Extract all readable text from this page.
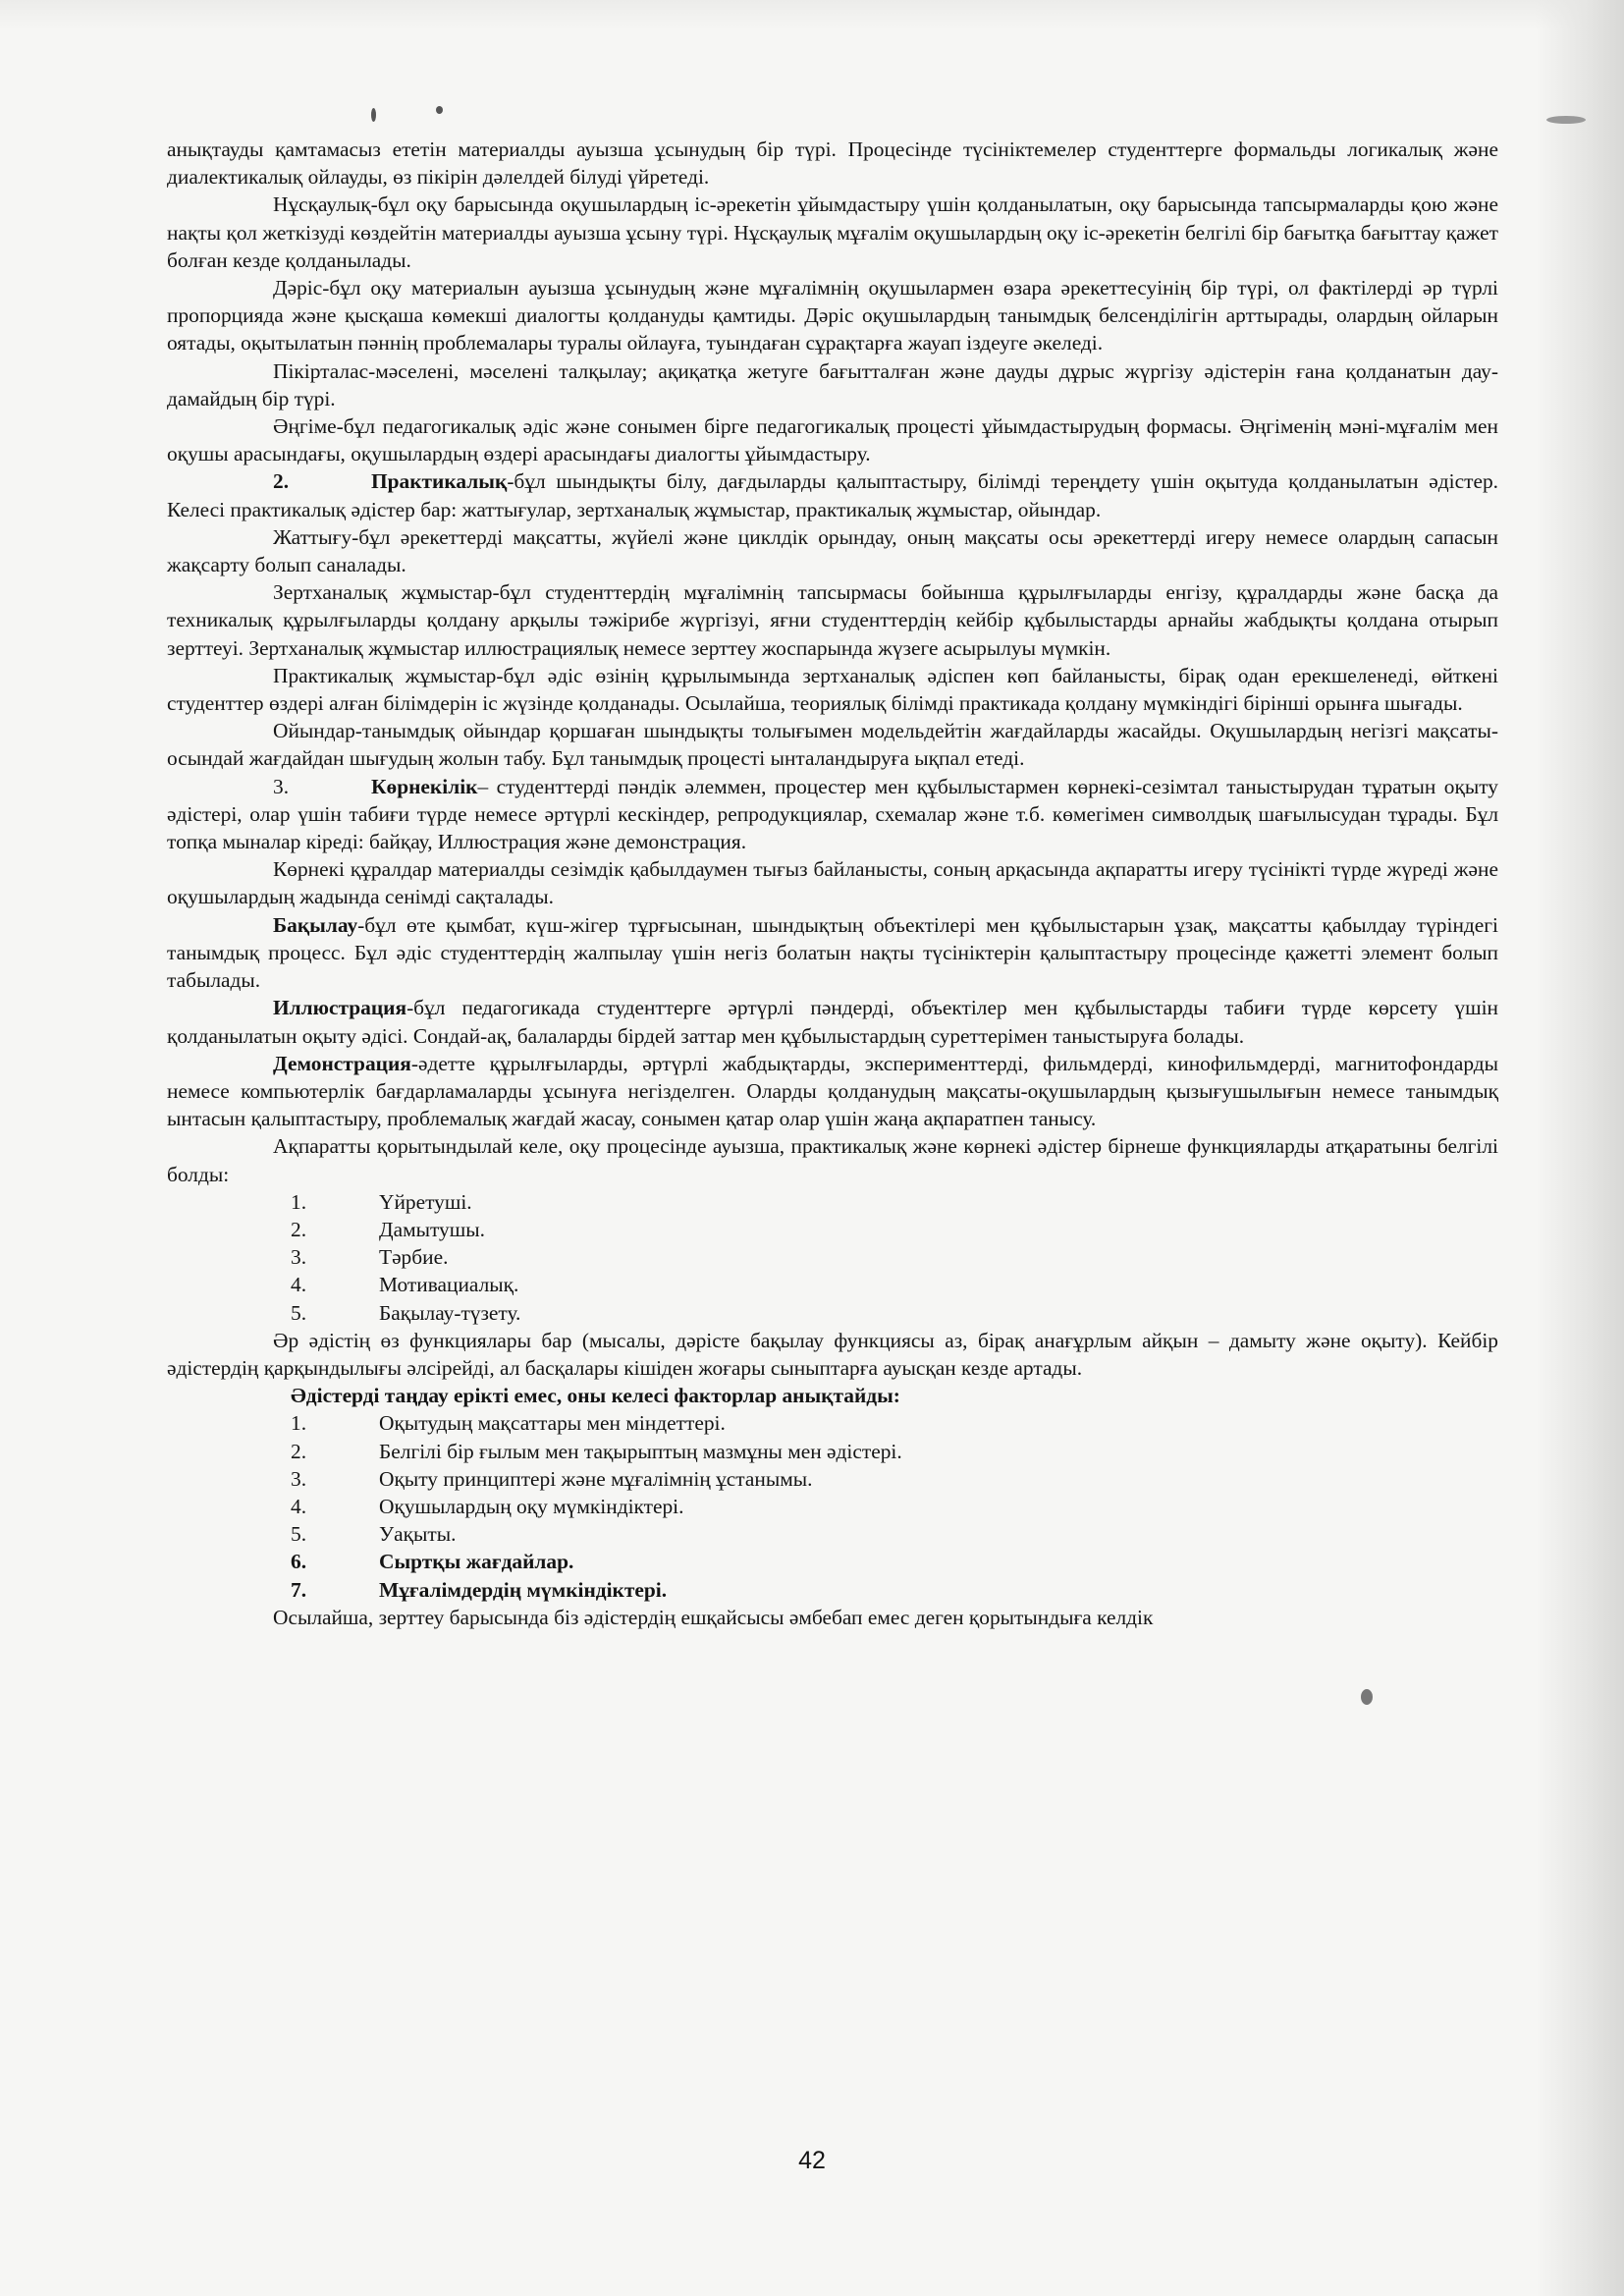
анықтауды қамтамасыз ететін материалды ауызша ұсынудың бір түрі. Процесінде түсініктемелер студенттерге формальды логикалық және диалектикалық ойлауды, өз пікірін дәлелдей білуді үйретеді.

Нұсқаулық-бұл оқу барысында оқушылардың іс-әрекетін ұйымдастыру үшін қолданылатын, оқу барысында тапсырмаларды қою және нақты қол жеткізуді көздейтін материалды ауызша ұсыну түрі. Нұсқаулық мұғалім оқушылардың оқу іс-әрекетін белгілі бір бағытқа бағыттау қажет болған кезде қолданылады.

Дәріс-бұл оқу материалын ауызша ұсынудың және мұғалімнің оқушылармен өзара әрекеттесуінің бір түрі, ол фактілерді әр түрлі пропорцияда және қысқаша көмекші диалогты қолдануды қамтиды. Дәріс оқушылардың танымдық белсенділігін арттырады, олардың ойларын оятады, оқытылатын пәннің проблемалары туралы ойлауға, туындаған сұрақтарға жауап іздеуге әкеледі.

Пікірталас-мәселені, мәселені талқылау; ақиқатқа жетуге бағытталған және дауды дұрыс жүргізу әдістерін ғана қолданатын дау-дамайдың бір түрі.

Әңгіме-бұл педагогикалық әдіс және сонымен бірге педагогикалық процесті ұйымдастырудың формасы. Әңгіменің мәні-мұғалім мен оқушы арасындағы, оқушылардың өздері арасындағы диалогты ұйымдастыру.

2.	Практикалық-бұл шындықты білу, дағдыларды қалыптастыру, білімді тереңдету үшін оқытуда қолданылатын әдістер. Келесі практикалық әдістер бар: жаттығулар, зертханалық жұмыстар, практикалық жұмыстар, ойындар.

Жаттығу-бұл әрекеттерді мақсатты, жүйелі және циклдік орындау, оның мақсаты осы әрекеттерді игеру немесе олардың сапасын жақсарту болып саналады.

Зертханалық жұмыстар-бұл студенттердің мұғалімнің тапсырмасы бойынша құрылғыларды енгізу, құралдарды және басқа да техникалық құрылғыларды қолдану арқылы тәжірибе жүргізуі, яғни студенттердің кейбір құбылыстарды арнайы жабдықты қолдана отырып зерттеуі. Зертханалық жұмыстар иллюстрациялық немесе зерттеу жоспарында жүзеге асырылуы мүмкін.

Практикалық жұмыстар-бұл әдіс өзінің құрылымында зертханалық әдіспен көп байланысты, бірақ одан ерекшеленеді, өйткені студенттер өздері алған білімдерін іс жүзінде қолданады. Осылайша, теориялық білімді практикада қолдану мүмкіндігі бірінші орынға шығады.

Ойындар-танымдық ойындар қоршаған шындықты толығымен модельдейтін жағдайларды жасайды. Оқушылардың негізгі мақсаты-осындай жағдайдан шығудың жолын табу. Бұл танымдық процесті ынталандыруға ықпал етеді.

3.	Көрнекілік– студенттерді пәндік әлеммен, процестер мен құбылыстармен көрнекі-сезімтал таныстырудан тұратын оқыту әдістері, олар үшін табиғи түрде немесе әртүрлі кескіндер, репродукциялар, схемалар және т.б. көмегімен символдық шағылысудан тұрады. Бұл топқа мыналар кіреді: байқау, Иллюстрация және демонстрация.

Көрнекі құралдар материалды сезімдік қабылдаумен тығыз байланысты, соның арқасында ақпаратты игеру түсінікті түрде жүреді және оқушылардың жадында сенімді сақталады.

Бақылау-бұл өте қымбат, күш-жігер тұрғысынан, шындықтың объектілері мен құбылыстарын ұзақ, мақсатты қабылдау түріндегі танымдық процесс. Бұл әдіс студенттердің жалпылау үшін негіз болатын нақты түсініктерін қалыптастыру процесінде қажетті элемент болып табылады.

Иллюстрация-бұл педагогикада студенттерге әртүрлі пәндерді, объектілер мен құбылыстарды табиғи түрде көрсету үшін қолданылатын оқыту әдісі. Сондай-ақ, балаларды бірдей заттар мен құбылыстардың суреттерімен таныстыруға болады.

Демонстрация-әдетте құрылғыларды, әртүрлі жабдықтарды, эксперименттерді, фильмдерді, кинофильмдерді, магнитофондарды немесе компьютерлік бағдарламаларды ұсынуға негізделген. Оларды қолданудың мақсаты-оқушылардың қызығушылығын немесе танымдық ынтасын қалыптастыру, проблемалық жағдай жасау, сонымен қатар олар үшін жаңа ақпаратпен танысу.

Ақпаратты қорытындылай келе, оқу процесінде ауызша, практикалық және көрнекі әдістер бірнеше функцияларды атқаратыны белгілі болды:

1.	Үйретуші.
2.	Дамытушы.
3.	Тәрбие.
4.	Мотивациалық.
5.	Бақылау-түзету.

Әр әдістің өз функциялары бар (мысалы, дәрісте бақылау функциясы аз, бірақ анағұрлым айқын – дамыту және оқыту). Кейбір әдістердің қарқындылығы әлсірейді, ал басқалары кішіден жоғары сыныптарға ауысқан кезде артады.

Әдістерді таңдау ерікті емес, оны келесі факторлар анықтайды:

1.	Оқытудың мақсаттары мен міндеттері.
2.	Белгілі бір ғылым мен тақырыптың мазмұны мен әдістері.
3.	Оқыту принциптері және мұғалімнің ұстанымы.
4.	Оқушылардың оқу мүмкіндіктері.
5.	Уақыты.
6.	Сыртқы жағдайлар.
7.	Мұғалімдердің мүмкіндіктері.

Осылайша, зерттеу барысында біз әдістердің ешқайсысы әмбебап емес деген қорытындыға келдік

42
